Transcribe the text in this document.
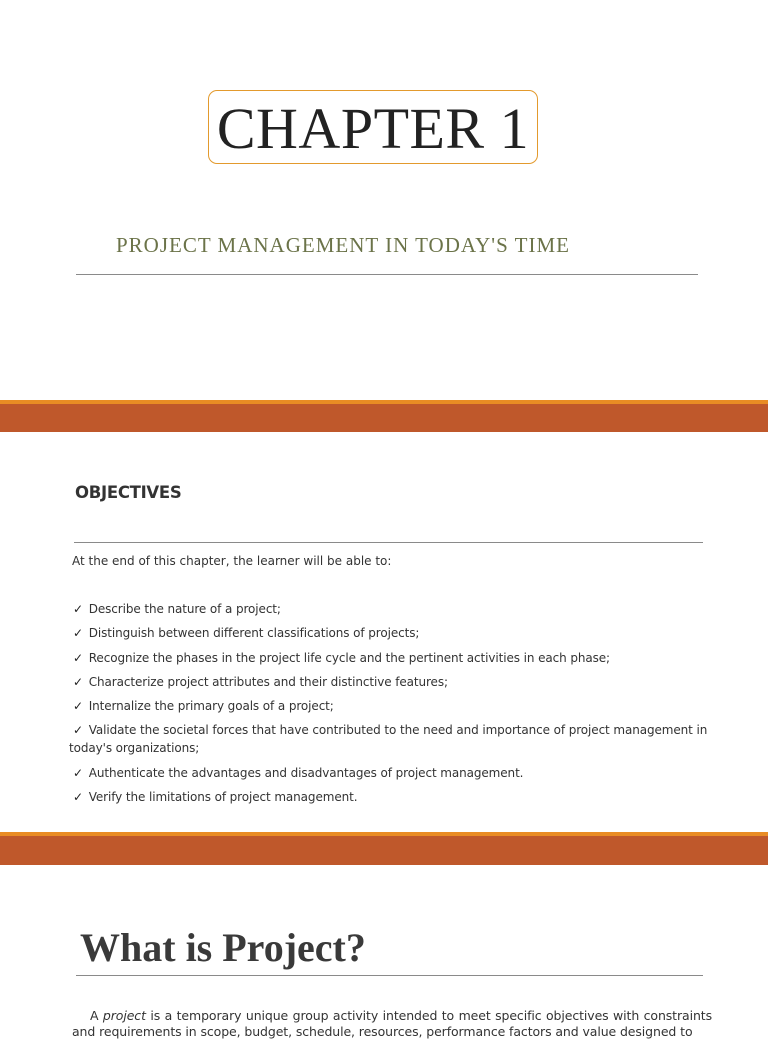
CHAPTER 1
PROJECT MANAGEMENT IN TODAY'S TIME
OBJECTIVES
At the end of this chapter, the learner will be able to:
✓ Describe the nature of a project;
✓ Distinguish between different classifications of projects;
✓ Recognize the phases in the project life cycle and the pertinent activities in each phase;
✓ Characterize project attributes and their distinctive features;
✓ Internalize the primary goals of a project;
✓ Validate the societal forces that have contributed to the need and importance of project management in today's organizations;
✓ Authenticate the advantages and disadvantages of project management.
✓ Verify the limitations of project management.
What is Project?

A project is a temporary unique group activity intended to meet specific objectives with constraints and requirements in scope, budget, schedule, resources, performance factors and value designed to
